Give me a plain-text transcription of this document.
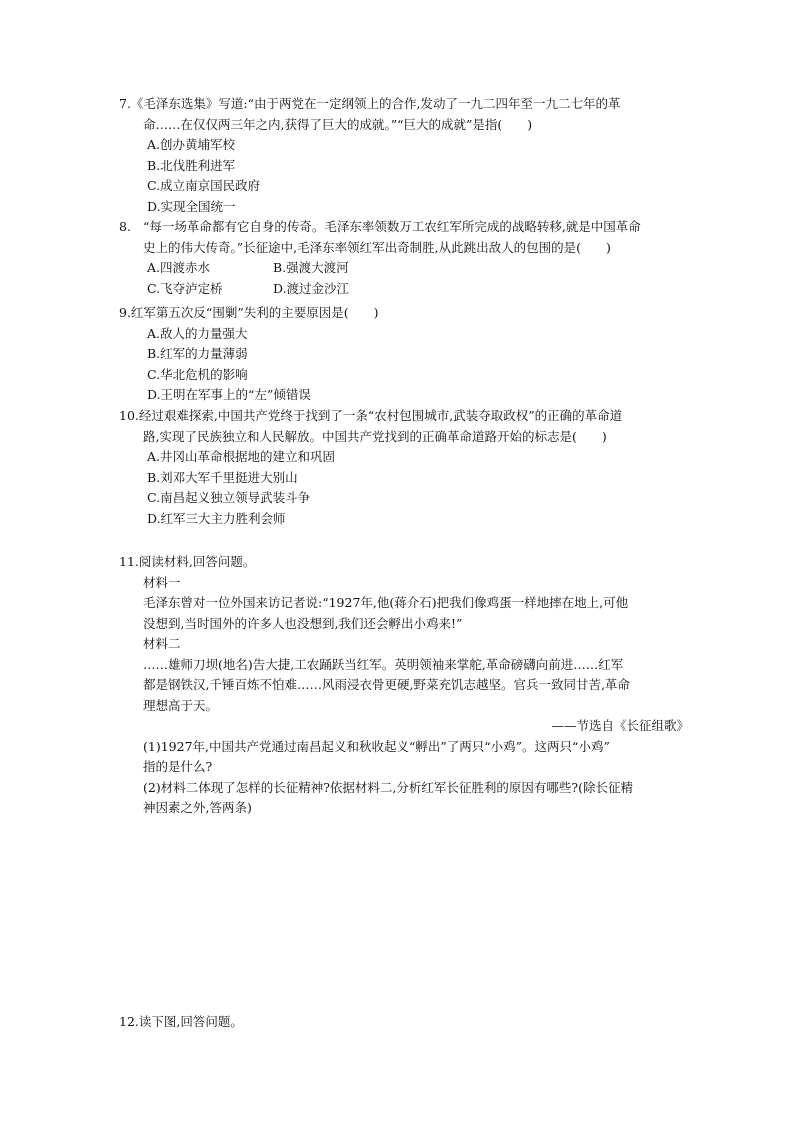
7.《毛泽东选集》写道:“由于两党在一定纲领上的合作,发动了一九二四年至一九二七年的革
命……在仅仅两三年之内,获得了巨大的成就。”“巨大的成就”是指(　　)
A.创办黄埔军校
B.北伐胜利进军
C.成立南京国民政府
D.实现全国统一
8. “每一场革命都有它自身的传奇。毛泽东率领数万工农红军所完成的战略转移,就是中国革命
史上的伟大传奇。”长征途中,毛泽东率领红军出奇制胜,从此跳出敌人的包围的是(　　)
A.四渡赤水	B.强渡大渡河
C.飞夺泸定桥	D.渡过金沙江
9.红军第五次反“围剿”失利的主要原因是(　　)
A.敌人的力量强大
B.红军的力量薄弱
C.华北危机的影响
D.王明在军事上的“左”倾错误
10.经过艰难探索,中国共产党终于找到了一条“农村包围城市,武装夺取政权”的正确的革命道
路,实现了民族独立和人民解放。中国共产党找到的正确革命道路开始的标志是(　　)
A.井冈山革命根据地的建立和巩固
B.刘邓大军千里挺进大别山
C.南昌起义独立领导武装斗争
D.红军三大主力胜利会师
11.阅读材料,回答问题。
材料一
毛泽东曾对一位外国来访记者说:“1927年,他(蒋介石)把我们像鸡蛋一样地摔在地上,可他
没想到,当时国外的许多人也没想到,我们还会孵出小鸡来!”
材料二
……雄师刀坝(地名)告大捷,工农踊跃当红军。英明领袖来掌舵,革命磅礴向前进……红军
都是钢铁汉,千锤百炼不怕难……风雨浸衣骨更硬,野菜充饥志越坚。官兵一致同甘苦,革命
理想高于天。
——节选自《长征组歌》
(1)1927年,中国共产党通过南昌起义和秋收起义“孵出”了两只“小鸡”。这两只“小鸡”
指的是什么?
(2)材料二体现了怎样的长征精神?依据材料二,分析红军长征胜利的原因有哪些?(除长征精
神因素之外,答两条)
12.读下图,回答问题。
